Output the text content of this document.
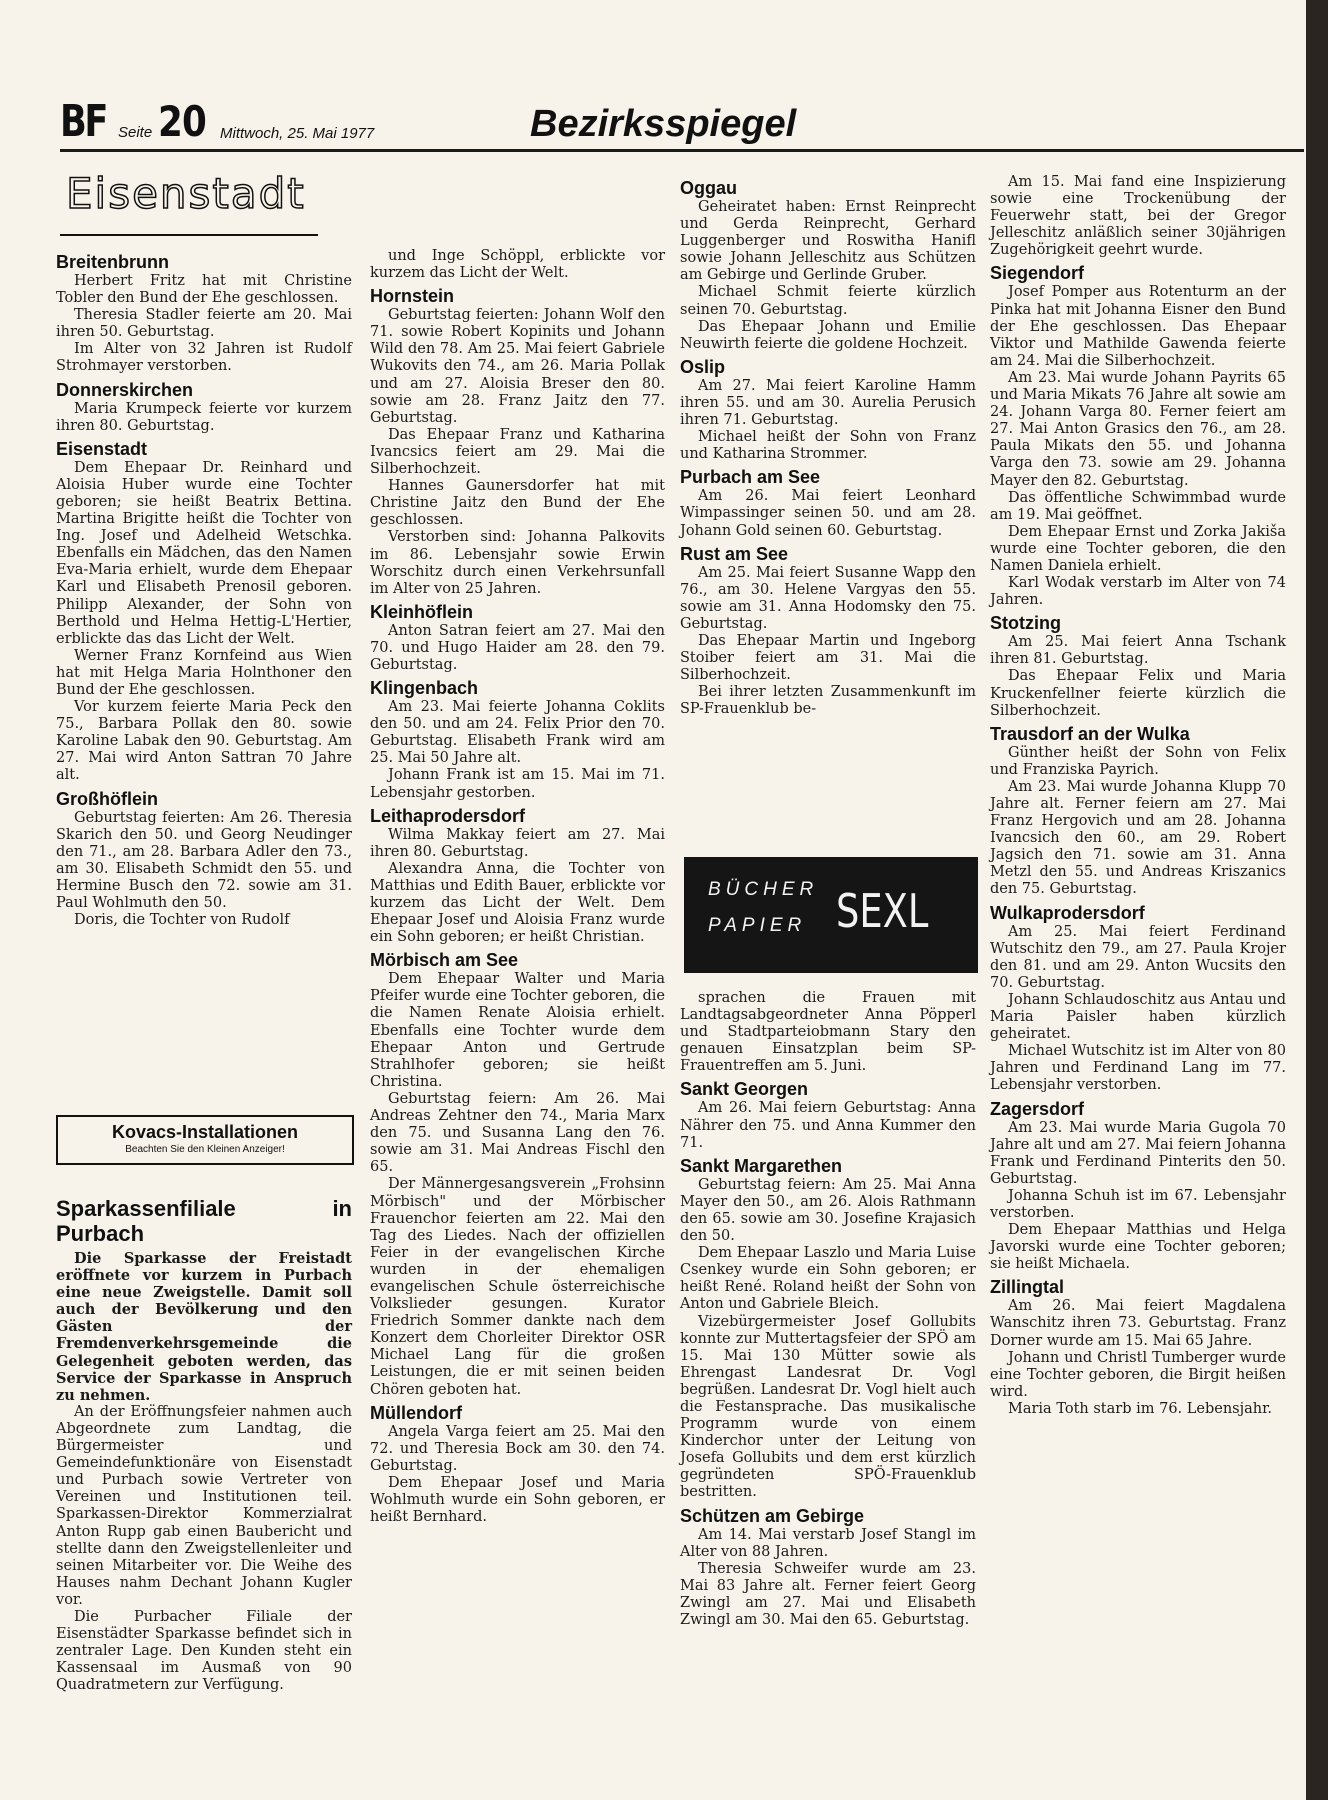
BF Seite 20 Mittwoch, 25. Mai 1977	Bezirksspiegel
Eisenstadt
Breitenbrunn

Herbert Fritz hat mit Christine Tobler den Bund der Ehe geschlossen.

Theresia Stadler feierte am 20. Mai ihren 50. Geburtstag.

Im Alter von 32 Jahren ist Rudolf Strohmayer verstorben.

Donnerskirchen

Maria Krumpeck feierte vor kurzem ihren 80. Geburtstag.

Eisenstadt

Dem Ehepaar Dr. Reinhard und Aloisia Huber wurde eine Tochter geboren; sie heißt Beatrix Bettina. Martina Brigitte heißt die Tochter von Ing. Josef und Adelheid Wetschka. Ebenfalls ein Mädchen, das den Namen Eva-Maria erhielt, wurde dem Ehepaar Karl und Elisabeth Prenosil geboren. Philipp Alexander, der Sohn von Berthold und Helma Hettig-L'Hertier, erblickte das das Licht der Welt.

Werner Franz Kornfeind aus Wien hat mit Helga Maria Holnthoner den Bund der Ehe geschlossen.

Vor kurzem feierte Maria Peck den 75., Barbara Pollak den 80. sowie Karoline Labak den 90. Geburtstag. Am 27. Mai wird Anton Sattran 70 Jahre alt.

Großhöflein

Geburtstag feierten: Am 26. Theresia Skarich den 50. und Georg Neudinger den 71., am 28. Barbara Adler den 73., am 30. Elisabeth Schmidt den 55. und Hermine Busch den 72. sowie am 31. Paul Wohlmuth den 50.

Doris, die Tochter von Rudolf

Kovacs-Installationen
Beachten Sie den Kleinen Anzeiger!
Sparkassenfiliale in Purbach

Die Sparkasse der Freistadt eröffnete vor kurzem in Purbach eine neue Zweigstelle. Damit soll auch der Bevölkerung und den Gästen der Fremdenverkehrsgemeinde die Gelegenheit geboten werden, das Service der Sparkasse in Anspruch zu nehmen.

An der Eröffnungsfeier nahmen auch Abgeordnete zum Landtag, die Bürgermeister und Gemeindefunktionäre von Eisenstadt und Purbach sowie Vertreter von Vereinen und Institutionen teil. Sparkassen-Direktor Kommerzialrat Anton Rupp gab einen Baubericht und stellte dann den Zweigstellenleiter und seinen Mitarbeiter vor. Die Weihe des Hauses nahm Dechant Johann Kugler vor.

Die Purbacher Filiale der Eisenstädter Sparkasse befindet sich in zentraler Lage. Den Kunden steht ein Kassensaal im Ausmaß von 90 Quadratmetern zur Verfügung.

und Inge Schöppl, erblickte vor kurzem das Licht der Welt.

Hornstein

Geburtstag feierten: Johann Wolf den 71. sowie Robert Kopinits und Johann Wild den 78. Am 25. Mai feiert Gabriele Wukovits den 74., am 26. Maria Pollak und am 27. Aloisia Breser den 80. sowie am 28. Franz Jaitz den 77. Geburtstag.

Das Ehepaar Franz und Katharina Ivancsics feiert am 29. Mai die Silberhochzeit.

Hannes Gaunersdorfer hat mit Christine Jaitz den Bund der Ehe geschlossen.

Verstorben sind: Johanna Palkovits im 86. Lebensjahr sowie Erwin Worschitz durch einen Verkehrsunfall im Alter von 25 Jahren.

Kleinhöflein

Anton Satran feiert am 27. Mai den 70. und Hugo Haider am 28. den 79. Geburtstag.

Klingenbach

Am 23. Mai feierte Johanna Coklits den 50. und am 24. Felix Prior den 70. Geburtstag. Elisabeth Frank wird am 25. Mai 50 Jahre alt.

Johann Frank ist am 15. Mai im 71. Lebensjahr gestorben.

Leithaprodersdorf

Wilma Makkay feiert am 27. Mai ihren 80. Geburtstag.

Alexandra Anna, die Tochter von Matthias und Edith Bauer, erblickte vor kurzem das Licht der Welt. Dem Ehepaar Josef und Aloisia Franz wurde ein Sohn geboren; er heißt Christian.

Mörbisch am See

Dem Ehepaar Walter und Maria Pfeifer wurde eine Tochter geboren, die die Namen Renate Aloisia erhielt. Ebenfalls eine Tochter wurde dem Ehepaar Anton und Gertrude Strahlhofer geboren; sie heißt Christina.

Geburtstag feiern: Am 26. Mai Andreas Zehtner den 74., Maria Marx den 75. und Susanna Lang den 76. sowie am 31. Mai Andreas Fischl den 65.

Der Männergesangsverein „Frohsinn Mörbisch" und der Mörbischer Frauenchor feierten am 22. Mai den Tag des Liedes. Nach der offiziellen Feier in der evangelischen Kirche wurden in der ehemaligen evangelischen Schule österreichische Volkslieder gesungen. Kurator Friedrich Sommer dankte nach dem Konzert dem Chorleiter Direktor OSR Michael Lang für die großen Leistungen, die er mit seinen beiden Chören geboten hat.

Müllendorf

Angela Varga feiert am 25. Mai den 72. und Theresia Bock am 30. den 74. Geburtstag.

Dem Ehepaar Josef und Maria Wohlmuth wurde ein Sohn geboren, er heißt Bernhard.

Oggau

Geheiratet haben: Ernst Reinprecht und Gerda Reinprecht, Gerhard Luggenberger und Roswitha Hanifl sowie Johann Jelleschitz aus Schützen am Gebirge und Gerlinde Gruber.

Michael Schmit feierte kürzlich seinen 70. Geburtstag.

Das Ehepaar Johann und Emilie Neuwirth feierte die goldene Hochzeit.

Oslip

Am 27. Mai feiert Karoline Hamm ihren 55. und am 30. Aurelia Perusich ihren 71. Geburtstag.

Michael heißt der Sohn von Franz und Katharina Strommer.

Purbach am See

Am 26. Mai feiert Leonhard Wimpassinger seinen 50. und am 28. Johann Gold seinen 60. Geburtstag.

Rust am See

Am 25. Mai feiert Susanne Wapp den 76., am 30. Helene Vargyas den 55. sowie am 31. Anna Hodomsky den 75. Geburtstag.

Das Ehepaar Martin und Ingeborg Stoiber feiert am 31. Mai die Silberhochzeit.

Bei ihrer letzten Zusammenkunft im SP-Frauenklub be-

BÜCHER
PAPIER SEXL

sprachen die Frauen mit Landtagsabgeordneter Anna Pöpperl und Stadtparteiobmann Stary den genauen Einsatzplan beim SP-Frauentreffen am 5. Juni.

Sankt Georgen

Am 26. Mai feiern Geburtstag: Anna Nährer den 75. und Anna Kummer den 71.

Sankt Margarethen

Geburtstag feiern: Am 25. Mai Anna Mayer den 50., am 26. Alois Rathmann den 65. sowie am 30. Josefine Krajasich den 50.

Dem Ehepaar Laszlo und Maria Luise Csenkey wurde ein Sohn geboren; er heißt René. Roland heißt der Sohn von Anton und Gabriele Bleich.

Vizebürgermeister Josef Gollubits konnte zur Muttertagsfeier der SPÖ am 15. Mai 130 Mütter sowie als Ehrengast Landesrat Dr. Vogl begrüßen. Landesrat Dr. Vogl hielt auch die Festansprache. Das musikalische Programm wurde von einem Kinderchor unter der Leitung von Josefa Gollubits und dem erst kürzlich gegründeten SPÖ-Frauenklub bestritten.

Schützen am Gebirge

Am 14. Mai verstarb Josef Stangl im Alter von 88 Jahren.

Theresia Schweifer wurde am 23. Mai 83 Jahre alt. Ferner feiert Georg Zwingl am 27. Mai und Elisabeth Zwingl am 30. Mai den 65. Geburtstag.

Am 15. Mai fand eine Inspizierung sowie eine Trockenübung der Feuerwehr statt, bei der Gregor Jelleschitz anläßlich seiner 30jährigen Zugehörigkeit geehrt wurde.

Siegendorf

Josef Pomper aus Rotenturm an der Pinka hat mit Johanna Eisner den Bund der Ehe geschlossen. Das Ehepaar Viktor und Mathilde Gawenda feierte am 24. Mai die Silberhochzeit.

Am 23. Mai wurde Johann Payrits 65 und Maria Mikats 76 Jahre alt sowie am 24. Johann Varga 80. Ferner feiert am 27. Mai Anton Grasics den 76., am 28. Paula Mikats den 55. und Johanna Varga den 73. sowie am 29. Johanna Mayer den 82. Geburtstag.

Das öffentliche Schwimmbad wurde am 19. Mai geöffnet.

Dem Ehepaar Ernst und Zorka Jakiša wurde eine Tochter geboren, die den Namen Daniela erhielt.

Karl Wodak verstarb im Alter von 74 Jahren.

Stotzing

Am 25. Mai feiert Anna Tschank ihren 81. Geburtstag.

Das Ehepaar Felix und Maria Kruckenfellner feierte kürzlich die Silberhochzeit.

Trausdorf an der Wulka

Günther heißt der Sohn von Felix und Franziska Payrich.

Am 23. Mai wurde Johanna Klupp 70 Jahre alt. Ferner feiern am 27. Mai Franz Hergovich und am 28. Johanna Ivancsich den 60., am 29. Robert Jagsich den 71. sowie am 31. Anna Metzl den 55. und Andreas Kriszanics den 75. Geburtstag.

Wulkaprodersdorf

Am 25. Mai feiert Ferdinand Wutschitz den 79., am 27. Paula Krojer den 81. und am 29. Anton Wucsits den 70. Geburtstag.

Johann Schlaudoschitz aus Antau und Maria Paisler haben kürzlich geheiratet.

Michael Wutschitz ist im Alter von 80 Jahren und Ferdinand Lang im 77. Lebensjahr verstorben.

Zagersdorf

Am 23. Mai wurde Maria Gugola 70 Jahre alt und am 27. Mai feiern Johanna Frank und Ferdinand Pinterits den 50. Geburtstag.

Johanna Schuh ist im 67. Lebensjahr verstorben.

Dem Ehepaar Matthias und Helga Javorski wurde eine Tochter geboren; sie heißt Michaela.

Zillingtal

Am 26. Mai feiert Magdalena Wanschitz ihren 73. Geburtstag. Franz Dorner wurde am 15. Mai 65 Jahre.

Johann und Christl Tumberger wurde eine Tochter geboren, die Birgit heißen wird.

Maria Toth starb im 76. Lebensjahr.
